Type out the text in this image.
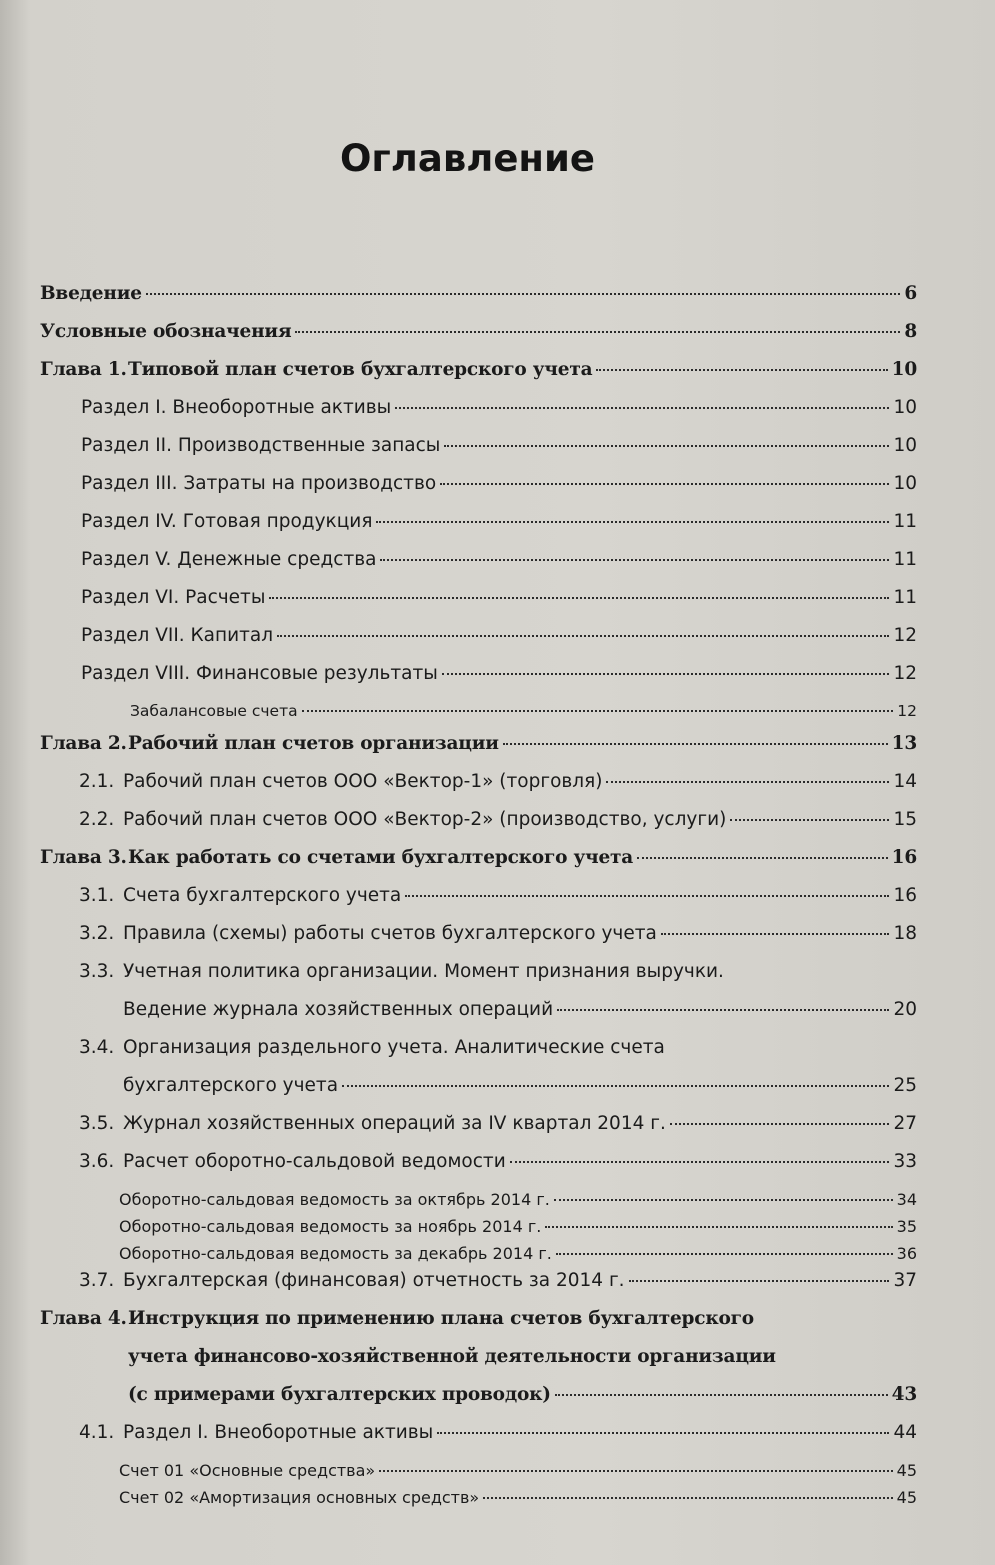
Оглавление
Введение	6
Условные обозначения	8
Глава 1. Типовой план счетов бухгалтерского учета	10
Раздел I. Внеоборотные активы	10
Раздел II. Производственные запасы	10
Раздел III. Затраты на производство	10
Раздел IV. Готовая продукция	11
Раздел V. Денежные средства	11
Раздел VI. Расчеты	11
Раздел VII. Капитал	12
Раздел VIII. Финансовые результаты	12
Забалансовые счета	12
Глава 2. Рабочий план счетов организации	13
2.1. Рабочий план счетов ООО «Вектор-1» (торговля)	14
2.2. Рабочий план счетов ООО «Вектор-2» (производство, услуги)	15
Глава 3. Как работать со счетами бухгалтерского учета	16
3.1. Счета бухгалтерского учета	16
3.2. Правила (схемы) работы счетов бухгалтерского учета	18
3.3. Учетная политика организации. Момент признания выручки.
Ведение журнала хозяйственных операций	20
3.4. Организация раздельного учета. Аналитические счета
бухгалтерского учета	25
3.5. Журнал хозяйственных операций за IV квартал 2014 г.	27
3.6. Расчет оборотно-сальдовой ведомости	33
Оборотно-сальдовая ведомость за октябрь 2014 г.	34
Оборотно-сальдовая ведомость за ноябрь 2014 г.	35
Оборотно-сальдовая ведомость за декабрь 2014 г.	36
3.7. Бухгалтерская (финансовая) отчетность за 2014 г.	37
Глава 4. Инструкция по применению плана счетов бухгалтерского
учета финансово-хозяйственной деятельности организации
(с примерами бухгалтерских проводок)	43
4.1. Раздел I. Внеоборотные активы	44
Счет 01 «Основные средства»	45
Счет 02 «Амортизация основных средств»	45
